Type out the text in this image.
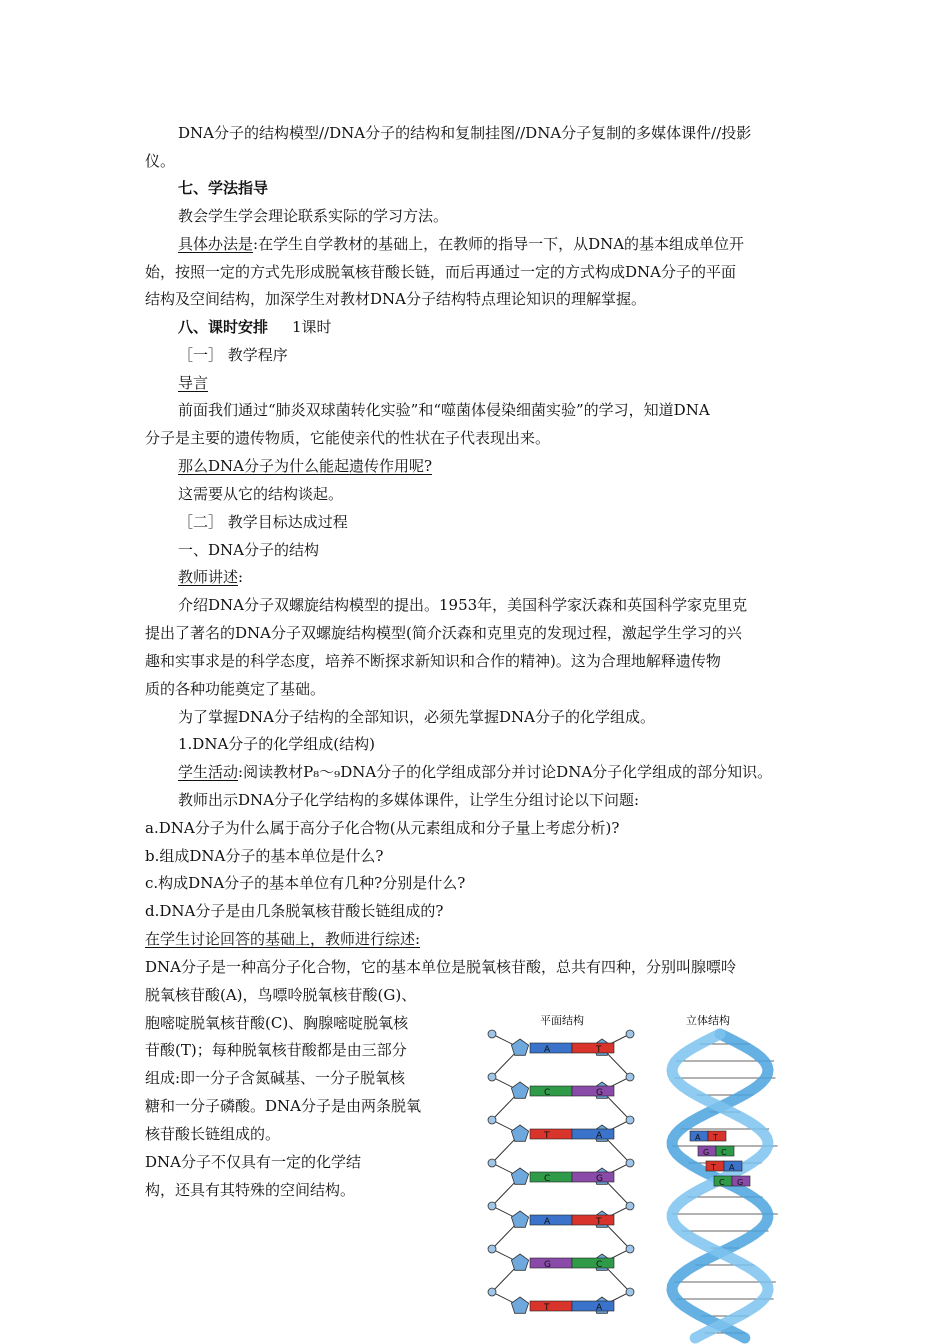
DNA分子的结构模型//DNA分子的结构和复制挂图//DNA分子复制的多媒体课件//投影
仪。
七、学法指导
教会学生学会理论联系实际的学习方法。
具体办法是:在学生自学教材的基础上，在教师的指导一下，从DNA的基本组成单位开
始，按照一定的方式先形成脱氧核苷酸长链，而后再通过一定的方式构成DNA分子的平面
结构及空间结构，加深学生对教材DNA分子结构特点理论知识的理解掌握。
八、课时安排 1课时
［一］ 教学程序
导言
前面我们通过“肺炎双球菌转化实验”和“噬菌体侵染细菌实验”的学习，知道DNA
分子是主要的遗传物质，它能使亲代的性状在子代表现出来。
那么DNA分子为什么能起遗传作用呢?
这需要从它的结构谈起。
［二］ 教学目标达成过程
一、DNA分子的结构
教师讲述:
介绍DNA分子双螺旋结构模型的提出。1953年，美国科学家沃森和英国科学家克里克
提出了著名的DNA分子双螺旋结构模型(简介沃森和克里克的发现过程，激起学生学习的兴
趣和实事求是的科学态度，培养不断探求新知识和合作的精神)。这为合理地解释遗传物
质的各种功能奠定了基础。
为了掌握DNA分子结构的全部知识，必须先掌握DNA分子的化学组成。
1.DNA分子的化学组成(结构)
学生活动:阅读教材P₈～₉DNA分子的化学组成部分并讨论DNA分子化学组成的部分知识。
教师出示DNA分子化学结构的多媒体课件，让学生分组讨论以下问题:
a.DNA分子为什么属于高分子化合物(从元素组成和分子量上考虑分析)?
b.组成DNA分子的基本单位是什么?
c.构成DNA分子的基本单位有几种?分别是什么?
d.DNA分子是由几条脱氧核苷酸长链组成的?
在学生讨论回答的基础上，教师进行综述:
DNA分子是一种高分子化合物，它的基本单位是脱氧核苷酸，总共有四种，分别叫腺嘌呤
脱氧核苷酸(A)，鸟嘌呤脱氧核苷酸(G)、
胞嘧啶脱氧核苷酸(C)、胸腺嘧啶脱氧核
苷酸(T)；每种脱氧核苷酸都是由三部分
组成:即一分子含氮碱基、一分子脱氧核
糖和一分子磷酸。DNA分子是由两条脱氧
核苷酸长链组成的。
DNA分子不仅具有一定的化学结
构，还具有其特殊的空间结构。
平面结构	立体结构
A	T
C	G
T	A
C	G
A	T
G	C
T	A
A T
G C
T A
C G
